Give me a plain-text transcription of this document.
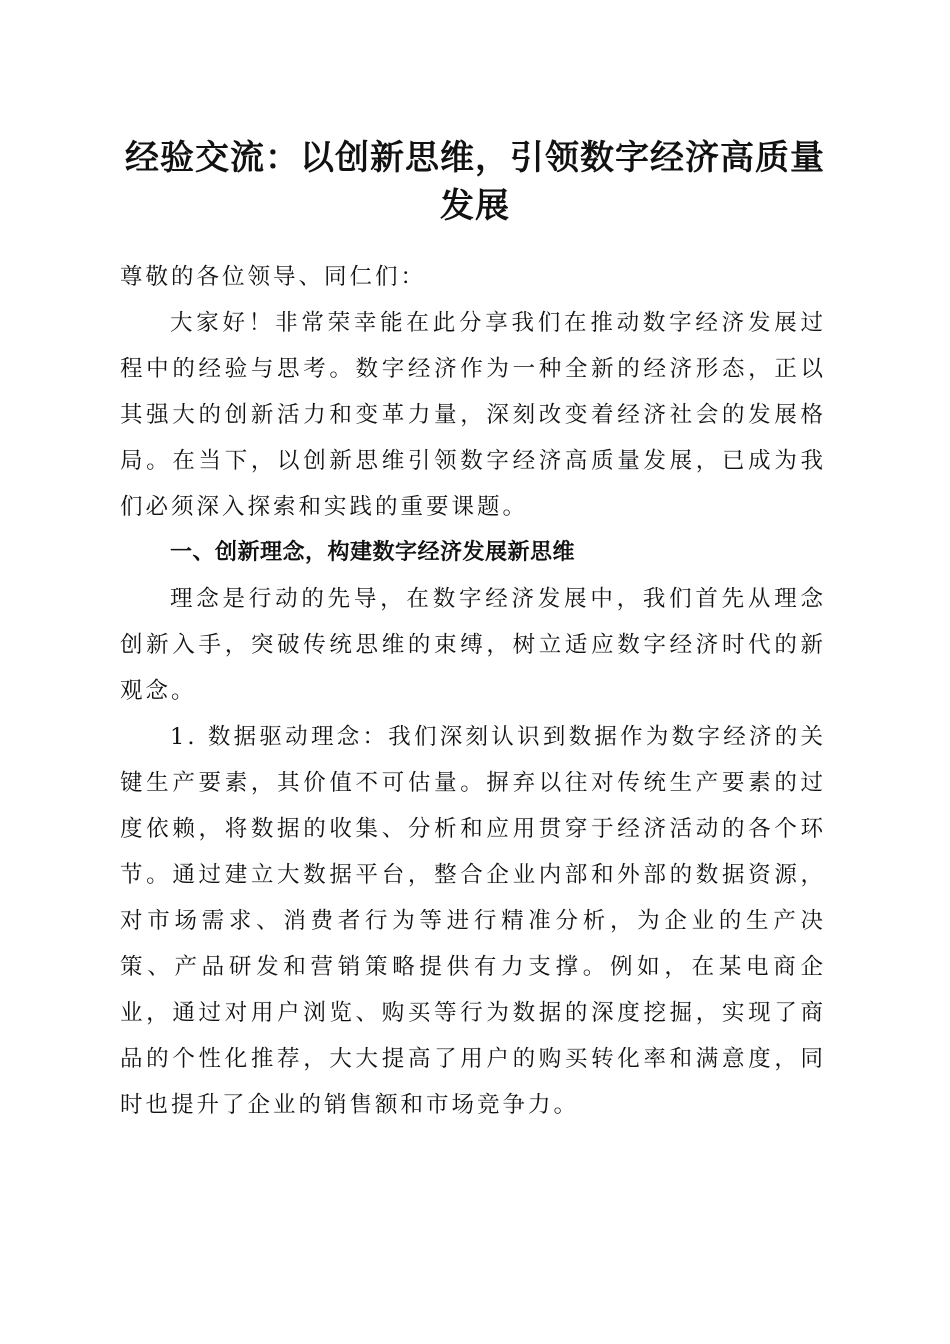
经验交流：以创新思维，引领数字经济高质量发展

尊敬的各位领导、同仁们：

大家好！非常荣幸能在此分享我们在推动数字经济发展过程中的经验与思考。数字经济作为一种全新的经济形态，正以其强大的创新活力和变革力量，深刻改变着经济社会的发展格局。在当下，以创新思维引领数字经济高质量发展，已成为我们必须深入探索和实践的重要课题。

一、创新理念，构建数字经济发展新思维

理念是行动的先导，在数字经济发展中，我们首先从理念创新入手，突破传统思维的束缚，树立适应数字经济时代的新观念。

1. 数据驱动理念：我们深刻认识到数据作为数字经济的关键生产要素，其价值不可估量。摒弃以往对传统生产要素的过度依赖，将数据的收集、分析和应用贯穿于经济活动的各个环节。通过建立大数据平台，整合企业内部和外部的数据资源，对市场需求、消费者行为等进行精准分析，为企业的生产决策、产品研发和营销策略提供有力支撑。例如，在某电商企业，通过对用户浏览、购买等行为数据的深度挖掘，实现了商品的个性化推荐，大大提高了用户的购买转化率和满意度，同时也提升了企业的销售额和市场竞争力。
